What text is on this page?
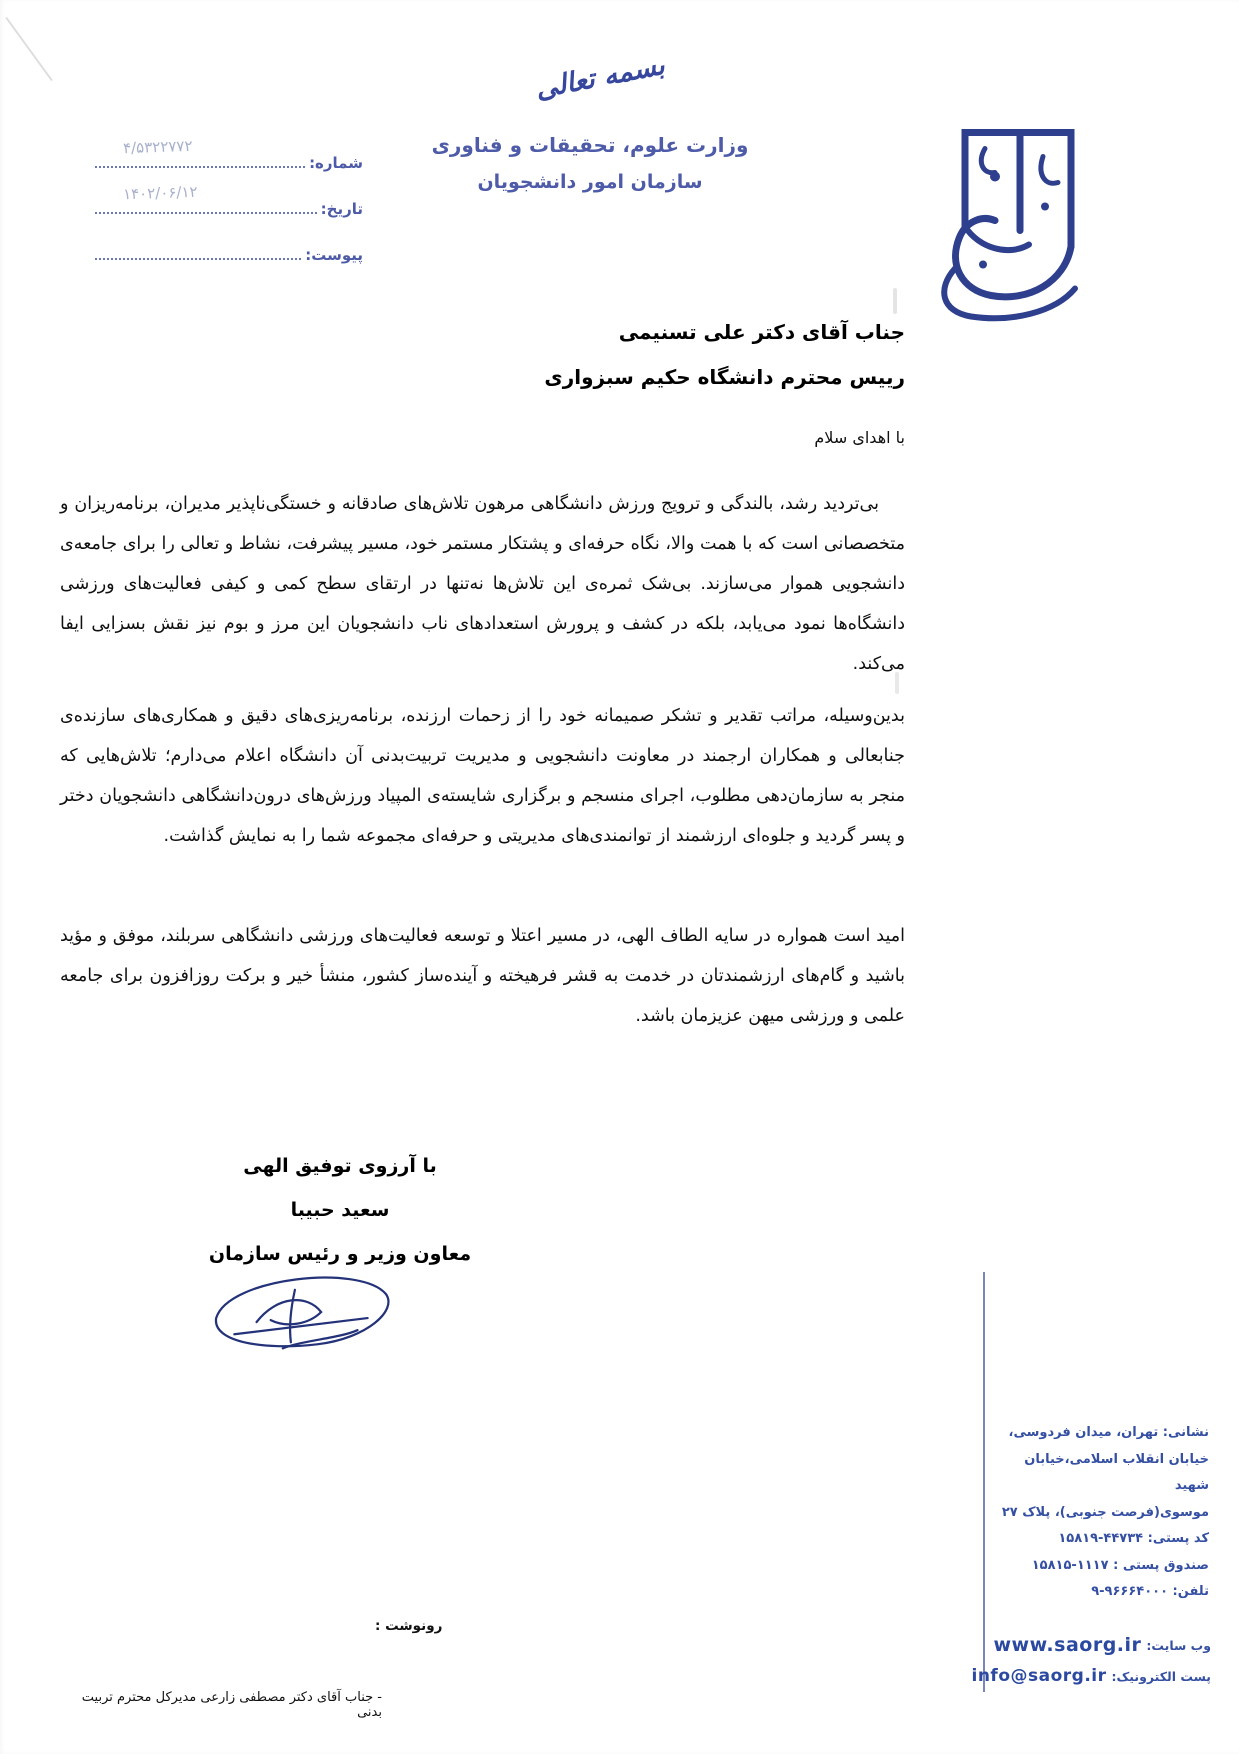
بسمه تعالی
وزارت علوم، تحقیقات و فناوری
سازمان امور دانشجویان
شماره:
۴/۵۳۲۲۷۷۲
تاریخ:
۱۴۰۲/۰۶/۱۲
پیوست:
جناب آقای دکتر علی تسنیمی
رییس محترم دانشگاه حکیم سبزواری
با اهدای سلام
بی‌تردید رشد، بالندگی و ترویج ورزش دانشگاهی مرهون تلاش‌های صادقانه و خستگی‌ناپذیر مدیران، برنامه‌ریزان و متخصصانی است که با همت والا، نگاه حرفه‌ای و پشتکار مستمر خود، مسیر پیشرفت، نشاط و تعالی را برای جامعه‌ی دانشجویی هموار می‌سازند. بی‌شک ثمره‌ی این تلاش‌ها نه‌تنها در ارتقای سطح کمی و کیفی فعالیت‌های ورزشی دانشگاه‌ها نمود می‌یابد، بلکه در کشف و پرورش استعدادهای ناب دانشجویان این مرز و بوم نیز نقش بسزایی ایفا می‌کند.
بدین‌وسیله، مراتب تقدیر و تشکر صمیمانه خود را از زحمات ارزنده، برنامه‌ریزی‌های دقیق و همکاری‌های سازنده‌ی جنابعالی و همکاران ارجمند در معاونت دانشجویی و مدیریت تربیت‌بدنی آن دانشگاه اعلام می‌دارم؛ تلاش‌هایی که منجر به سازمان‌دهی مطلوب، اجرای منسجم و برگزاری شایسته‌ی المپیاد ورزش‌های درون‌دانشگاهی دانشجویان دختر و پسر گردید و جلوه‌ای ارزشمند از توانمندی‌های مدیریتی و حرفه‌ای مجموعه شما را به نمایش گذاشت.
امید است همواره در سایه الطاف الهی، در مسیر اعتلا و توسعه فعالیت‌های ورزشی دانشگاهی سربلند، موفق و مؤید باشید و گام‌های ارزشمندتان در خدمت به قشر فرهیخته و آینده‌ساز کشور، منشأ خیر و برکت روزافزون برای جامعه علمی و ورزشی میهن عزیزمان باشد.
با آرزوی توفیق الهی
سعید حبیبا
معاون وزیر و رئیس سازمان
نشانی: تهران، میدان فردوسی،
خیابان انقلاب اسلامی،خیابان شهید
موسوی(فرصت جنوبی)، پلاک ۲۷
کد پستی: ۴۴۷۳۴-۱۵۸۱۹
صندوق پستی : ۱۱۱۷-۱۵۸۱۵
تلفن: ۹۶۶۶۴۰۰۰-۹
وب سایت:
www.saorg.ir
پست الکترونیک:
info@saorg.ir
رونوشت :
- جناب آقای دکتر مصطفی زارعی مدیرکل محترم تربیت بدنی
